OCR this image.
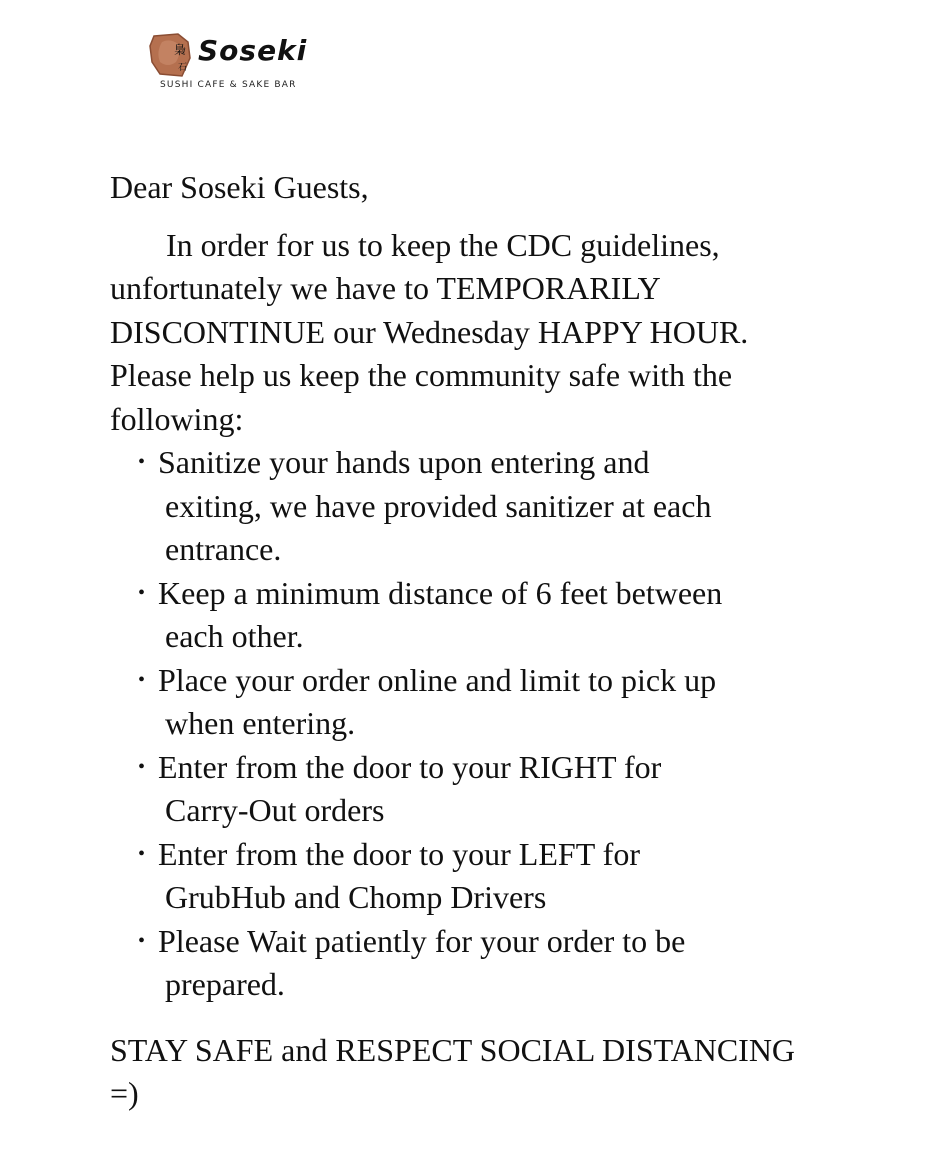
梟
石
Soseki
SUSHI CAFE & SAKE BAR

Dear Soseki Guests,

In order for us to keep the CDC guidelines, unfortunately we have to TEMPORARILY DISCONTINUE our Wednesday HAPPY HOUR. Please help us keep the community safe with the following:

• Sanitize your hands upon entering and
exiting, we have provided sanitizer at each
entrance.
• Keep a minimum distance of 6 feet between
each other.
• Place your order online and limit to pick up
when entering.
• Enter from the door to your RIGHT for
Carry-Out orders
• Enter from the door to your LEFT for
GrubHub and Chomp Drivers
• Please Wait patiently for your order to be
prepared.

STAY SAFE and RESPECT SOCIAL DISTANCING =)
